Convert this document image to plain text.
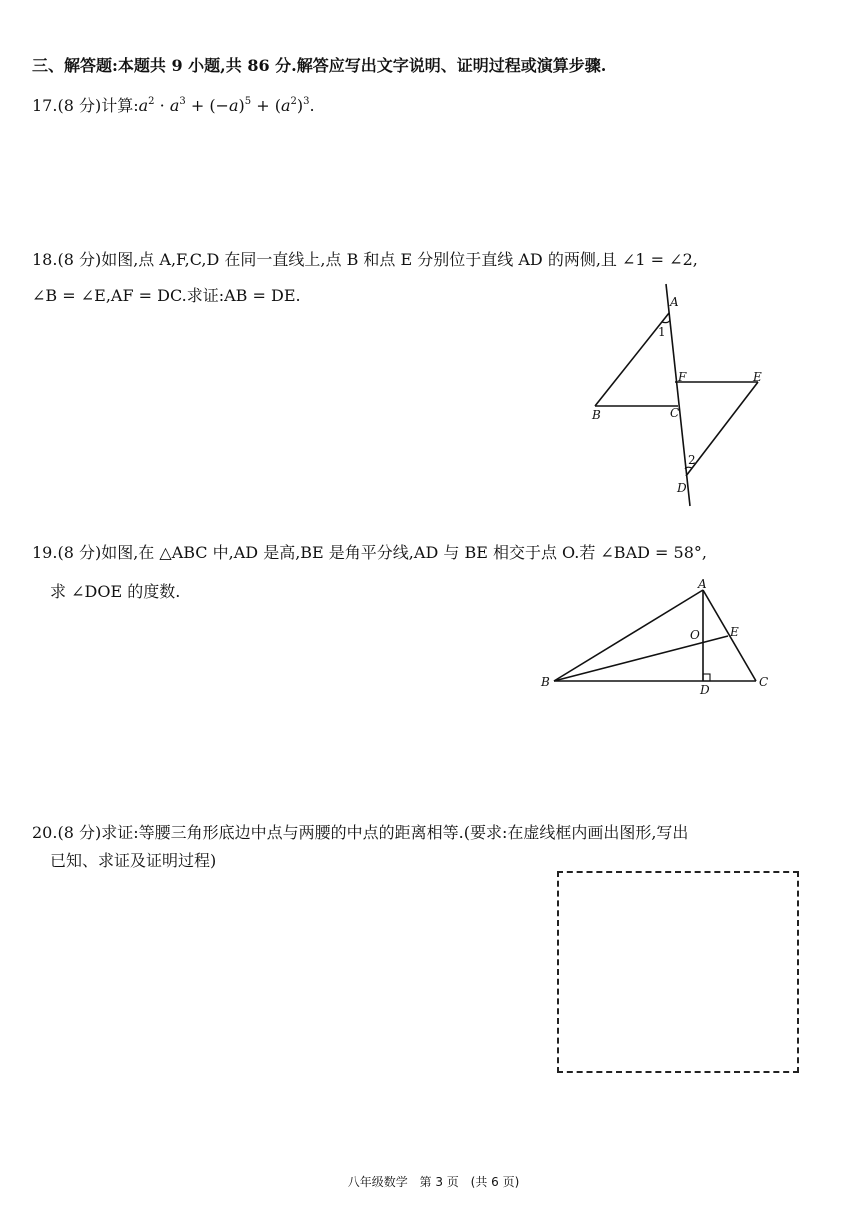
三、解答题:本题共 9 小题,共 86 分.解答应写出文字说明、证明过程或演算步骤.
17.(8 分)计算$:a^2 \cdot a^3 + (-a)^5 + (a^2)^3$.
18.(8 分)如图,点 A,F,C,D 在同一直线上,点 B 和点 E 分别位于直线 AD 的两侧,且 ∠1 = ∠2,
∠B = ∠E,AF = DC.求证:AB = DE.	A
B	C
D
E
F
1
2
19.(8 分)如图,在 △ABC 中,AD 是高,BE 是角平分线,AD 与 BE 相交于点 O.若 ∠BAD = 58°,
求 ∠DOE 的度数.	A
B	C
D
E
O
20.(8 分)求证:等腰三角形底边中点与两腰的中点的距离相等.(要求:在虚线框内画出图形,写出
已知、求证及证明过程)
八年级数学 第 3 页 (共 6 页)
